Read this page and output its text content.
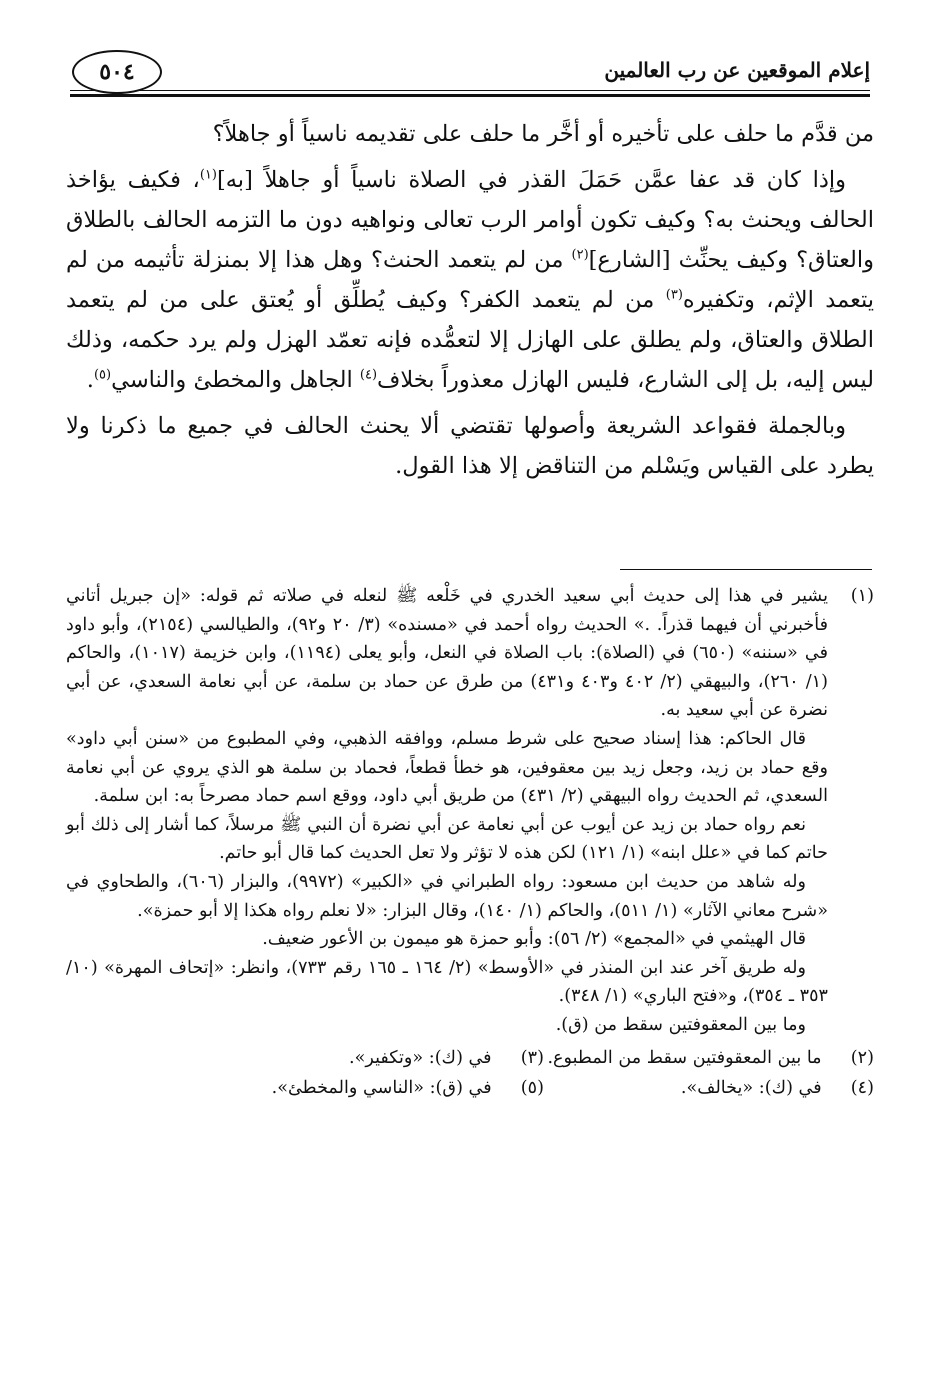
إعلام الموقعين عن رب العالمين
٥٠٤

من قدَّم ما حلف على تأخيره أو أخَّر ما حلف على تقديمه ناسياً أو جاهلاً؟

وإذا كان قد عفا عمَّن حَمَلَ القذر في الصلاة ناسياً أو جاهلاً [به]$^{(١)}$، فكيف يؤاخذ الحالف ويحنث به؟ وكيف تكون أوامر الرب تعالى ونواهيه دون ما التزمه الحالف بالطلاق والعتاق؟ وكيف يحنِّث [الشارع]$^{(٢)}$ من لم يتعمد الحنث؟ وهل هذا إلا بمنزلة تأثيمه من لم يتعمد الإثم، وتكفيره$^{(٣)}$ من لم يتعمد الكفر؟ وكيف يُطلِّق أو يُعتق على من لم يتعمد الطلاق والعتاق، ولم يطلق على الهازل إلا لتعمُّده فإنه تعمّد الهزل ولم يرد حكمه، وذلك ليس إليه، بل إلى الشارع، فليس الهازل معذوراً بخلاف$^{(٤)}$ الجاهل والمخطئ والناسي$^{(٥)}$.

وبالجملة فقواعد الشريعة وأصولها تقتضي ألا يحنث الحالف في جميع ما ذكرنا ولا يطرد على القياس ويَسْلم من التناقض إلا هذا القول.

(١)

يشير في هذا إلى حديث أبي سعيد الخدري في خَلْعه ﷺ لنعله في صلاته ثم قوله: «إن جبريل أتاني فأخبرني أن فيهما قذراً. .» الحديث رواه أحمد في «مسنده» (٣/ ٢٠ و٩٢)، والطيالسي (٢١٥٤)، وأبو داود في «سننه» (٦٥٠) في (الصلاة): باب الصلاة في النعل، وأبو يعلى (١١٩٤)، وابن خزيمة (١٠١٧)، والحاكم (١/ ٢٦٠)، والبيهقي (٢/ ٤٠٢ و٤٠٣ و٤٣١) من طرق عن حماد بن سلمة، عن أبي نعامة السعدي، عن أبي نضرة عن أبي سعيد به.

قال الحاكم: هذا إسناد صحيح على شرط مسلم، ووافقه الذهبي، وفي المطبوع من «سنن أبي داود» وقع حماد بن زيد، وجعل زيد بين معقوفين، هو خطأ قطعاً، فحماد بن سلمة هو الذي يروي عن أبي نعامة السعدي، ثم الحديث رواه البيهقي (٢/ ٤٣١) من طريق أبي داود، ووقع اسم حماد مصرحاً به: ابن سلمة.

نعم رواه حماد بن زيد عن أيوب عن أبي نعامة عن أبي نضرة أن النبي ﷺ مرسلاً، كما أشار إلى ذلك أبو حاتم كما في «علل ابنه» (١/ ١٢١) لكن هذه لا تؤثر ولا تعل الحديث كما قال أبو حاتم.

وله شاهد من حديث ابن مسعود: رواه الطبراني في «الكبير» (٩٩٧٢)، والبزار (٦٠٦)، والطحاوي في «شرح معاني الآثار» (١/ ٥١١)، والحاكم (١/ ١٤٠)، وقال البزار: «لا نعلم رواه هكذا إلا أبو حمزة».

قال الهيثمي في «المجمع» (٢/ ٥٦): وأبو حمزة هو ميمون بن الأعور ضعيف.

وله طريق آخر عند ابن المنذر في «الأوسط» (٢/ ١٦٤ ـ ١٦٥ رقم ٧٣٣)، وانظر: «إتحاف المهرة» (١٠/ ٣٥٣ ـ ٣٥٤)، و«فتح الباري» (١/ ٣٤٨).

وما بين المعقوفتين سقط من (ق).

(٢)  ما بين المعقوفتين سقط من المطبوع.
(٣)  في (ك): «وتكفير».
(٤)  في (ك): «يخالف».
(٥)  في (ق): «الناسي والمخطئ».
